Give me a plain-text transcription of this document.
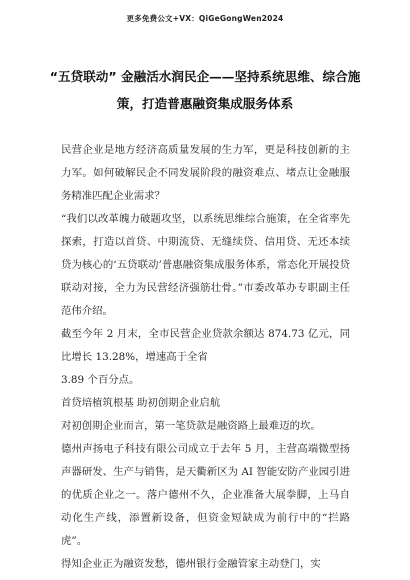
更多免费公文+VX：QiGeGongWen2024
“五贷联动” 金融活水润民企——坚持系统思维、综合施策，打造普惠融资集成服务体系

民营企业是地方经济高质量发展的生力军，更是科技创新的主力军。如何破解民企不同发展阶段的融资难点、堵点让金融服务精准匹配企业需求？

“我们以改革魄力破题攻坚，以系统思维综合施策，在全省率先探索，打造以首贷、中期流贷、无缝续贷、信用贷、无还本续贷为核心的‘五贷联动’普惠融资集成服务体系，常态化开展投贷联动对接，全力为民营经济强筋壮骨。”市委改革办专职副主任范伟介绍。

截至今年 2 月末，全市民营企业贷款余额达 874.73 亿元，同比增长 13.28%，增速高于全省

3.89 个百分点。

首贷培植筑根基 助初创期企业启航

对初创期企业而言，第一笔贷款是融资路上最难迈的坎。

德州声扬电子科技有限公司成立于去年 5 月，主营高端微型扬声器研发、生产与销售，是天衢新区为 AI 智能安防产业园引进的优质企业之一。落户德州不久，企业准备大展拳脚，上马自动化生产线，添置新设备，但资金短缺成为前行中的“拦路虎”。

得知企业正为融资发愁，德州银行金融管家主动登门，实
